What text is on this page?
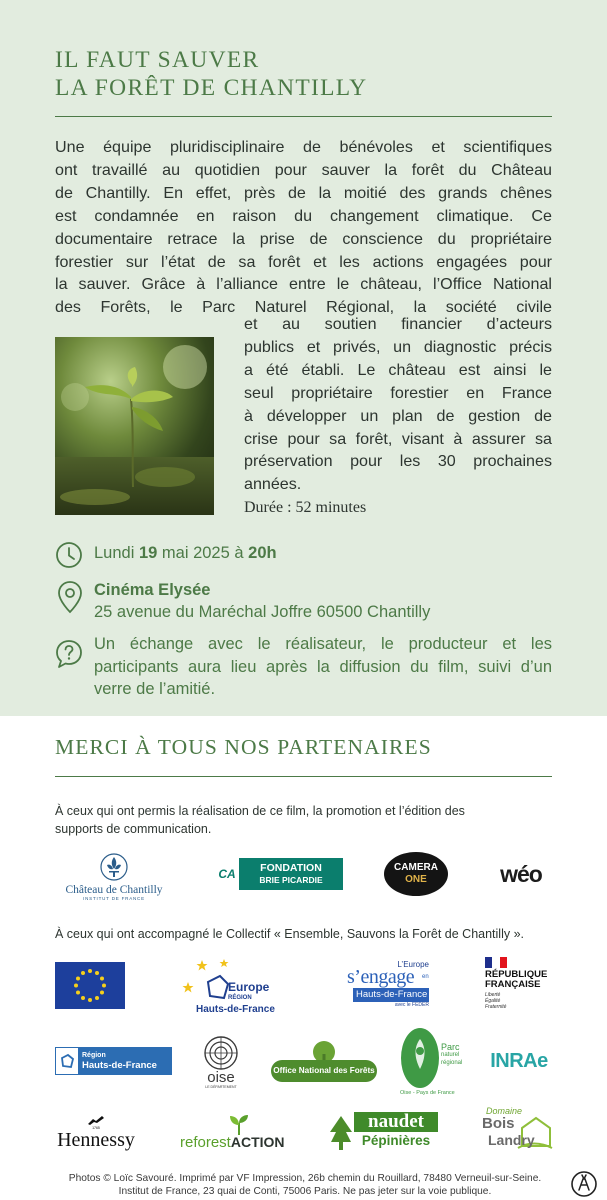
IL FAUT SAUVER
LA FORÊT DE CHANTILLY
Une équipe pluridisciplinaire de bénévoles et scientifiques
ont travaillé au quotidien pour sauver la forêt du Château
de Chantilly. En effet, près de la moitié des grands chênes
est condamnée en raison du changement climatique. Ce
documentaire retrace la prise de conscience du propriétaire
forestier sur l’état de sa forêt et les actions engagées pour
la sauver. Grâce à l’alliance entre le château, l’Office National
des Forêts, le Parc Naturel Régional, la société civile
et au soutien financier d’acteurs
publics et privés, un diagnostic précis
a été établi. Le château est ainsi le
seul propriétaire forestier en France
à développer un plan de gestion de
crise pour sa forêt, visant à assurer sa
préservation pour les 30 prochaines
années.
Durée : 52 minutes
Lundi 19 mai 2025 à 20h
Cinéma Elysée
25 avenue du Maréchal Joffre 60500 Chantilly
Un échange avec le réalisateur, le producteur et les
participants aura lieu après la diffusion du film, suivi d’un
verre de l’amitié.
MERCI À TOUS NOS PARTENAIRES
À ceux qui ont permis la réalisation de ce film, la promotion et l’édition des
supports de communication.
Château de Chantilly
INSTITUT DE FRANCE
CA	FONDATION
BRIE PICARDIE
CAMERA
ONE	wéo
À ceux qui ont accompagné le Collectif « Ensemble, Sauvons la Forêt de Chantilly ».
Europe
RÉGION
Hauts-de-France
L’Europe
s’engage en
Hauts-de-France
avec le FEDER
RÉPUBLIQUE
FRANÇAISE
Liberté
Égalité
Fraternité
Région
Hauts-de-France
oise
LE DÉPARTEMENT
Office National des Forêts
Parc
naturel
régional
Oise - Pays de France
INRAe
1765
Hennessy	reforestACTION
naudet
Pépinières
Domaine
Bois
Landry
Photos © Loïc Savouré. Imprimé par VF Impression, 26b chemin du Rouillard, 78480 Verneuil-sur-Seine.
Institut de France, 23 quai de Conti, 75006 Paris. Ne pas jeter sur la voie publique.
